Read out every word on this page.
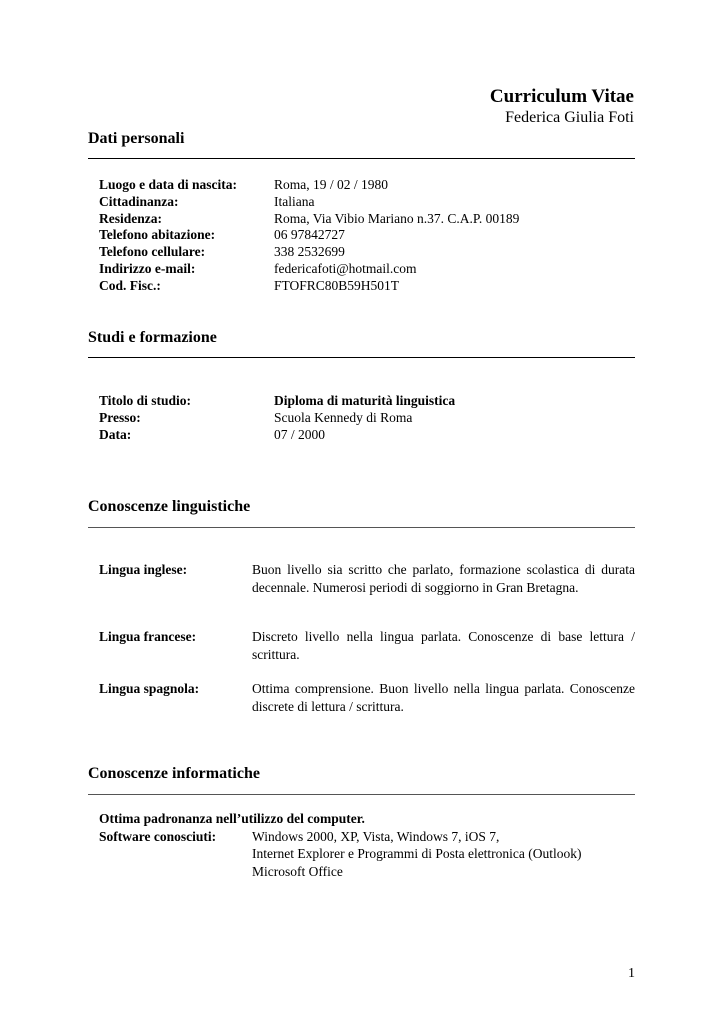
Curriculum Vitae
Federica Giulia Foti
Dati personali
Luogo e data di nascita:	Roma, 19 / 02 / 1980
Cittadinanza:	Italiana
Residenza:	Roma, Via Vibio Mariano n.37. C.A.P. 00189
Telefono abitazione:	06 97842727
Telefono cellulare:	338 2532699
Indirizzo e-mail:	federicafoti@hotmail.com
Cod. Fisc.:	FTOFRC80B59H501T
Studi e formazione
Titolo di studio:	Diploma di maturità linguistica
Presso:	Scuola Kennedy di Roma
Data:	07 / 2000
Conoscenze linguistiche
Lingua inglese:	Buon livello sia scritto che parlato, formazione scolastica di durata decennale. Numerosi periodi di soggiorno in Gran Bretagna.
Lingua francese:	Discreto livello nella lingua parlata. Conoscenze di base lettura / scrittura.
Lingua spagnola:	Ottima comprensione. Buon livello nella lingua parlata. Conoscenze discrete di lettura / scrittura.
Conoscenze informatiche
Ottima padronanza nell’utilizzo del computer.
Software conosciuti:	Windows 2000, XP, Vista, Windows 7, iOS 7,
Internet Explorer e Programmi di Posta elettronica (Outlook)
Microsoft Office
1
